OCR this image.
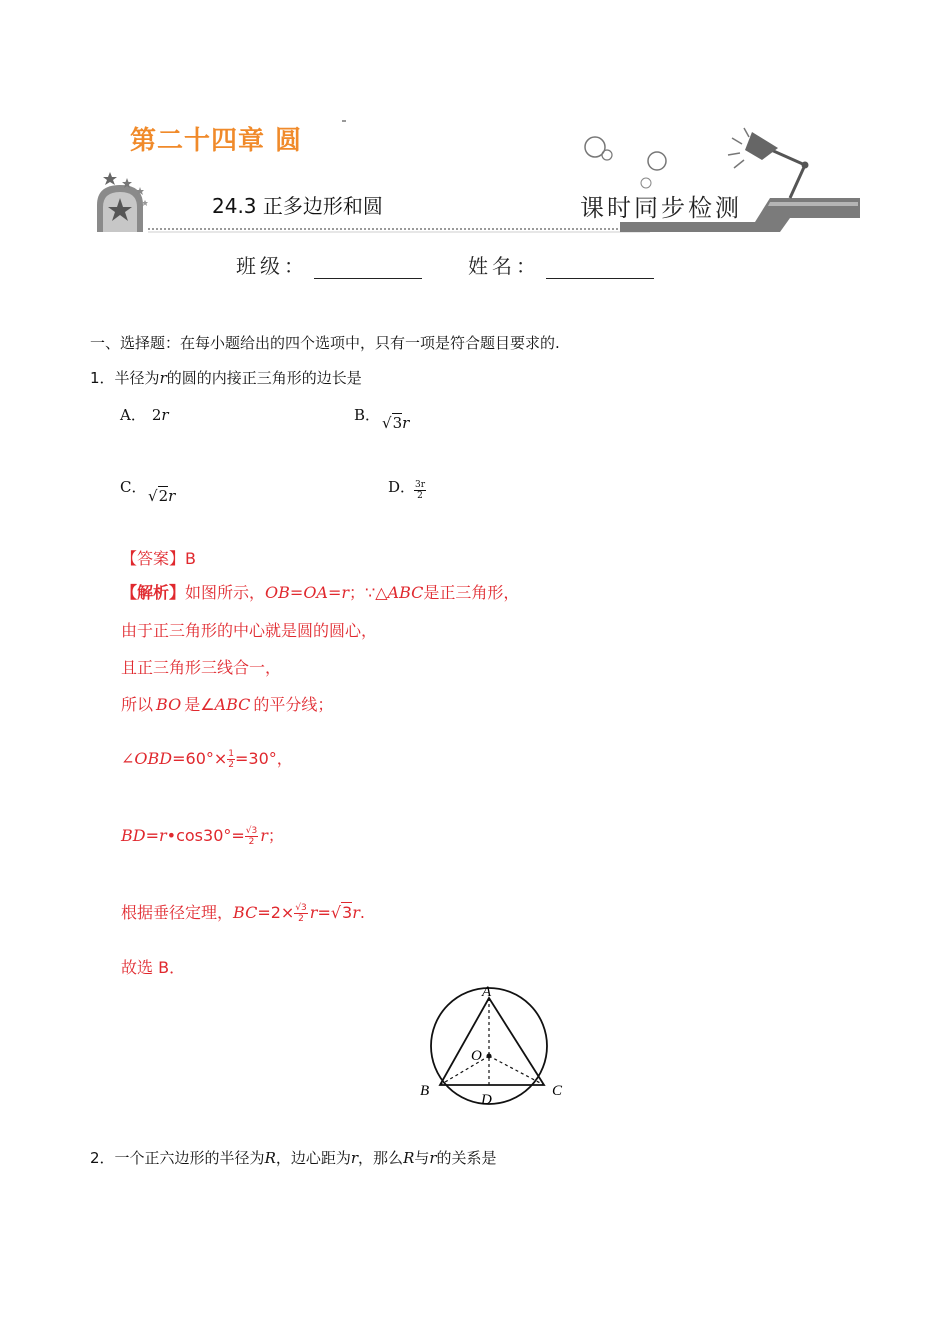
第二十四章 圆
24.3 正多边形和圆	课时同步检测
班级：	姓名：
一、选择题：在每小题给出的四个选项中，只有一项是符合题目要求的.
1．半径为r的圆的内接正三角形的边长是
A． 2r	B． √3r
C． √2r	D．
$\frac{3r}{2}$
【答案】B
【解析】如图所示，OB=OA=r；∵△ABC是正三角形，
由于正三角形的中心就是圆的圆心，
且正三角形三线合一，
所以 BO 是∠ABC 的平分线；
∠OBD=60°× $\frac{1}{2} =30^\circ$，
BD=r•cos30°= $\frac{√3}{2}$ r；
根据垂径定理，$BC=2\times \frac{√3}{2} r=√3r$.
故选 B．
A
B	C
O
D
2．一个正六边形的半径为R，边心距为r，那么R与r的关系是
